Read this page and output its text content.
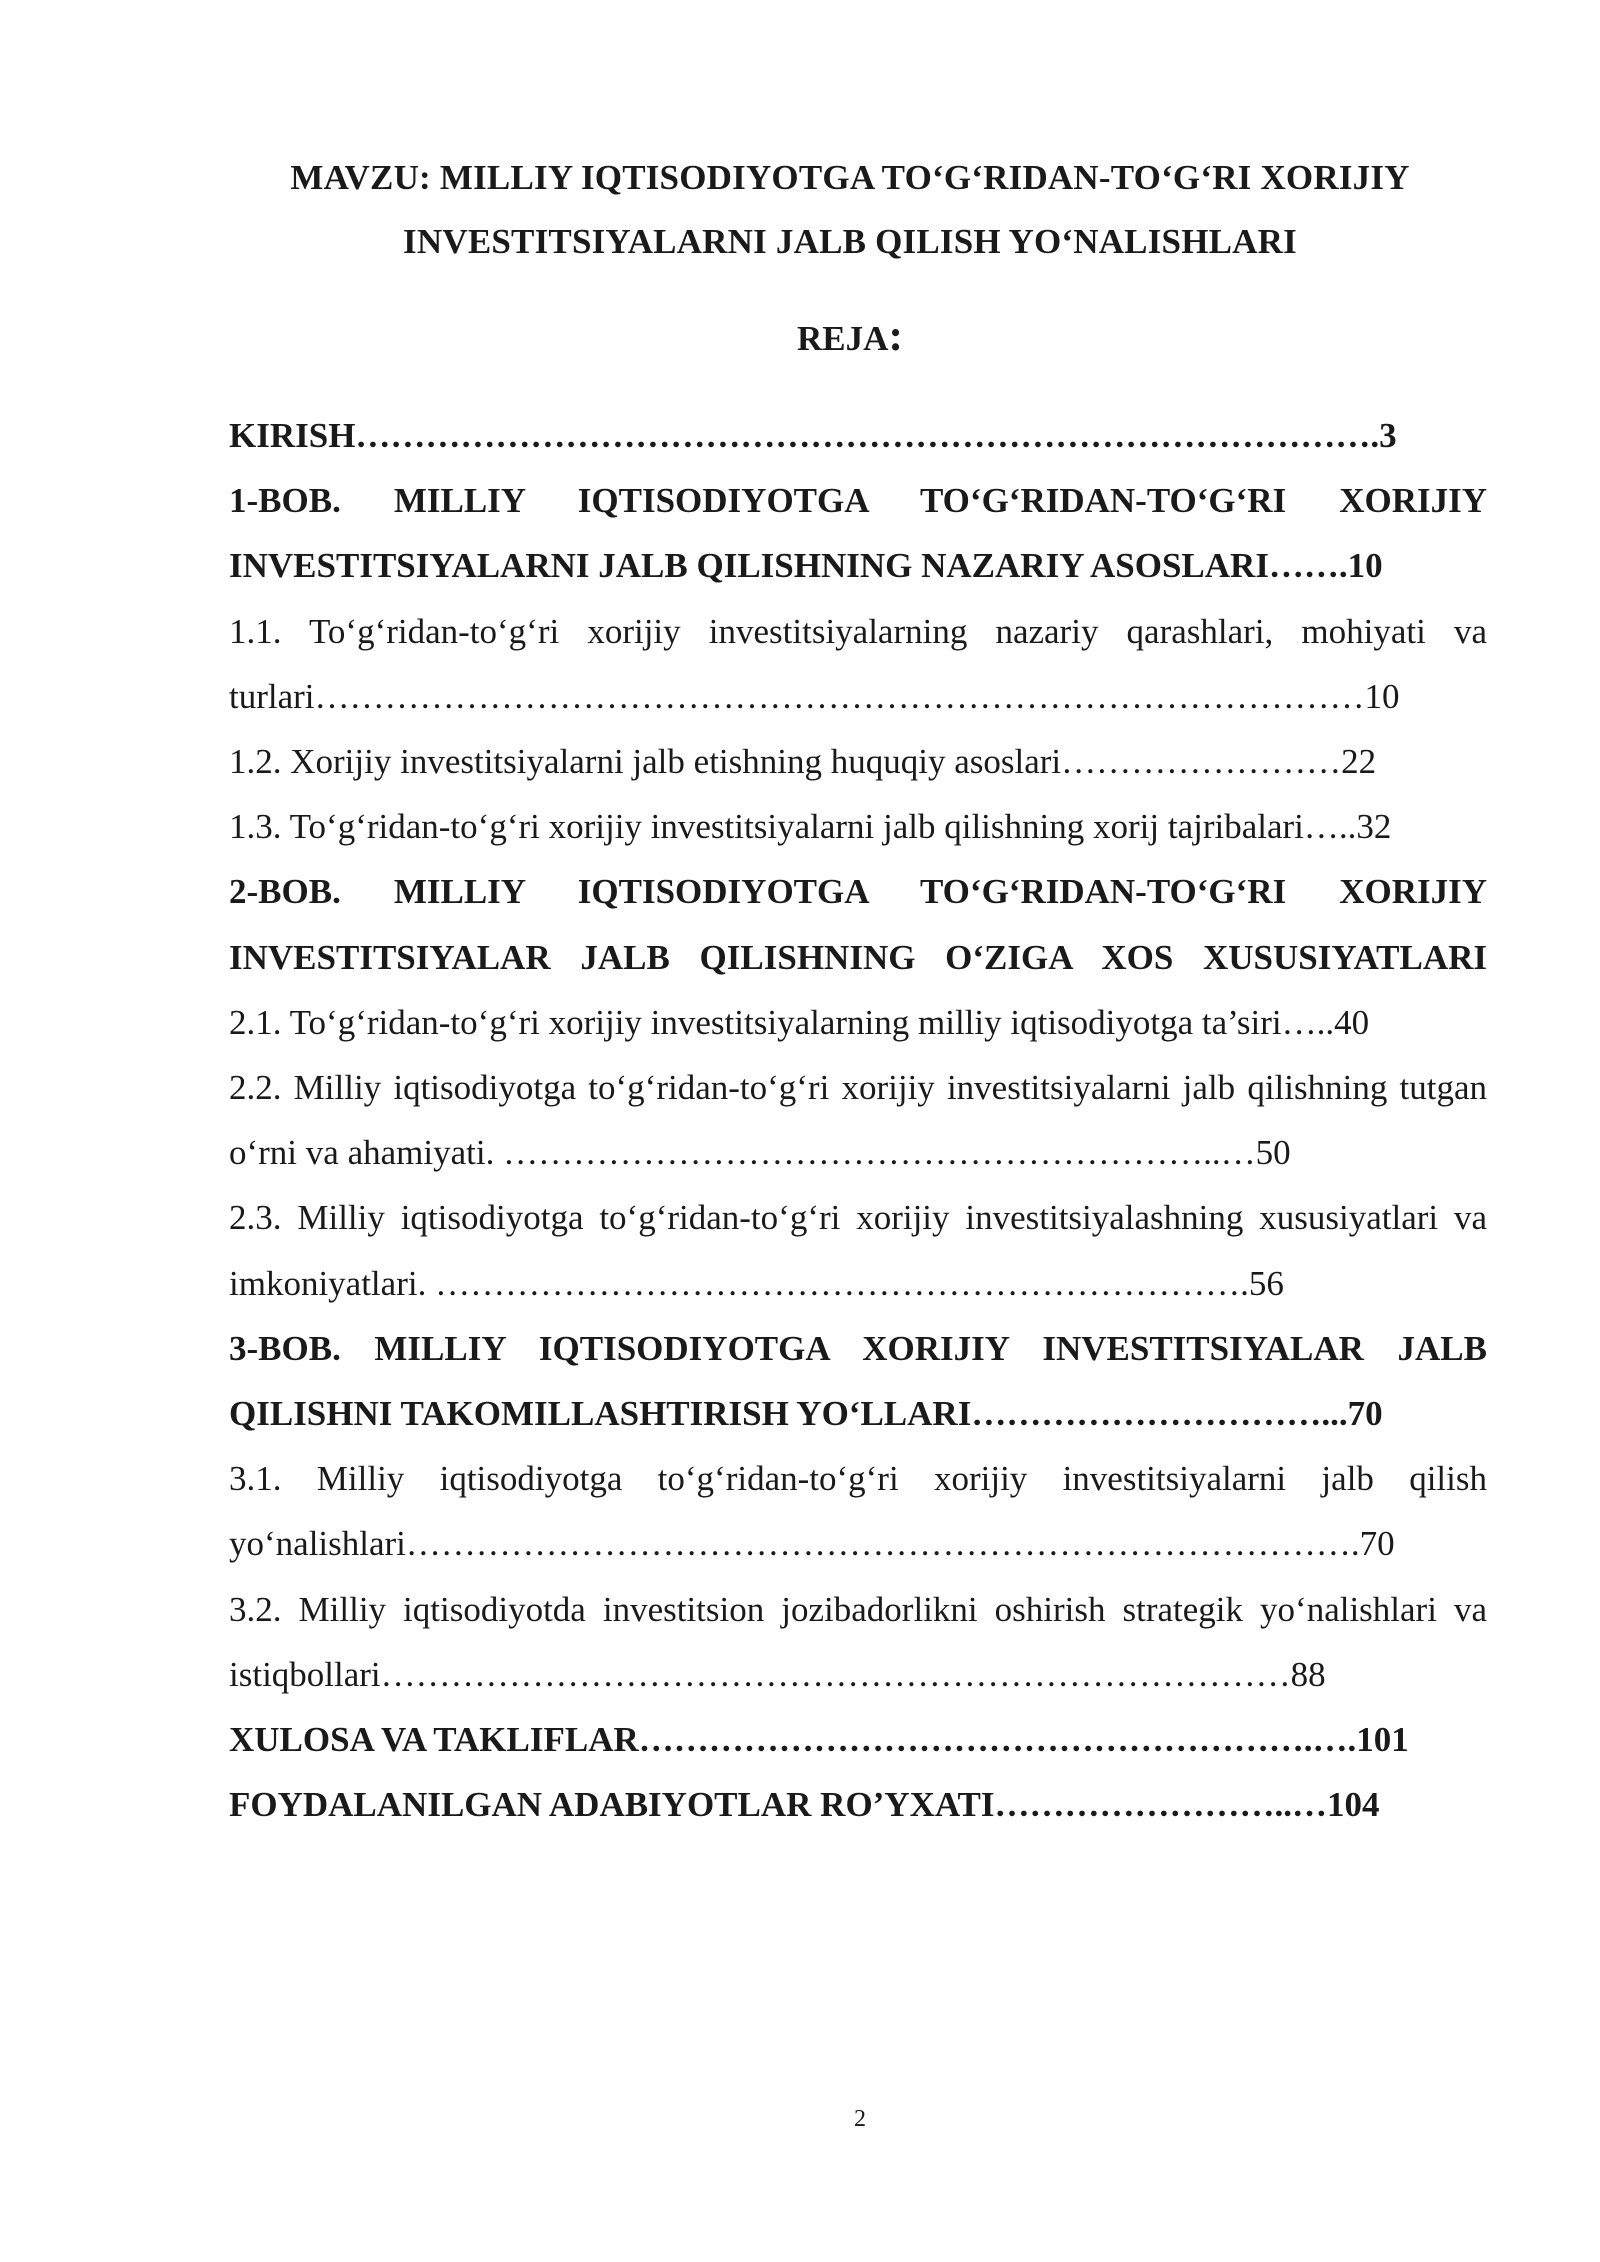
MAVZU: MILLIY IQTISODIYOTGA TO‘G‘RIDAN-TO‘G‘RI XORIJIY
INVESTITSIYALARNI JALB QILISH YO‘NALISHLARI
REJA:

KIRISH…………………………………………………………………………….3

1-BOB. MILLIY IQTISODIYOTGA TO‘G‘RIDAN-TO‘G‘RI XORIJIY INVESTITSIYALARNI JALB QILISHNING NAZARIY ASOSLARI…….10

1.1. To‘g‘ridan-to‘g‘ri xorijiy investitsiyalarning nazariy qarashlari, mohiyati va turlari………………………………………………………………………………10

1.2. Xorijiy investitsiyalarni jalb etishning huquqiy asoslari……………………22

1.3. To‘g‘ridan-to‘g‘ri xorijiy investitsiyalarni jalb qilishning xorij tajribalari…..32

2-BOB. MILLIY IQTISODIYOTGA TO‘G‘RIDAN-TO‘G‘RI XORIJIY INVESTITSIYALAR JALB QILISHNING O‘ZIGA XOS XUSUSIYATLARI

2.1. To‘g‘ridan-to‘g‘ri xorijiy investitsiyalarning milliy iqtisodiyotga ta’siri…..40

2.2. Milliy iqtisodiyotga to‘g‘ridan-to‘g‘ri xorijiy investitsiyalarni jalb qilishning tutgan o‘rni va ahamiyati. ……………………………………………………..…50

2.3. Milliy iqtisodiyotga to‘g‘ridan-to‘g‘ri xorijiy investitsiyalashning xususiyatlari va imkoniyatlari. …………………………………………………………….56

3-BOB. MILLIY IQTISODIYOTGA XORIJIY INVESTITSIYALAR JALB QILISHNI TAKOMILLASHTIRISH YO‘LLARI…………………………...70

3.1. Milliy iqtisodiyotga to‘g‘ridan-to‘g‘ri xorijiy investitsiyalarni jalb qilish yo‘nalishlari……………………………………………………………………….70

3.2. Milliy iqtisodiyotda investitsion jozibadorlikni oshirish strategik yo‘nalishlari va istiqbollari……………………………………………………………………88

XULOSA VA TAKLIFLAR………………………………………………….….101

FOYDALANILGAN ADABIYOTLAR RO’YXATI……………………..…104

2
